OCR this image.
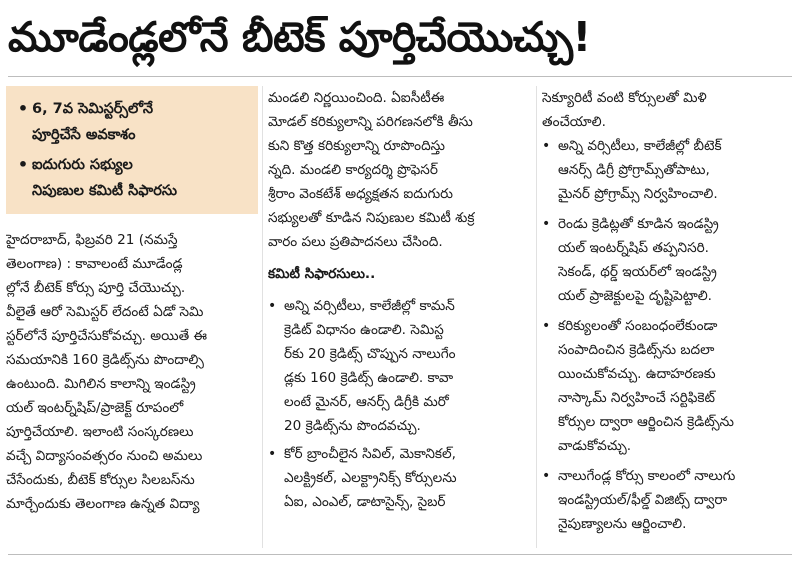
మూడేండ్లలోనే బీటెక్ పూర్తిచేయొచ్చు!
• 6, 7వ సెమిస్టర్స్‌లోనే
పూర్తిచేసే అవకాశం
• ఐదుగురు సభ్యుల
నిపుణుల కమిటీ సిఫారసు
హైదరాబాద్, ఫిబ్రవరి 21 (నమస్తే
తెలంగాణ) : కావాలంటే మూడేండ్ల
ల్లోనే బీటెక్ కోర్సు పూర్తి చేయొచ్చు.
వీలైతే ఆరో సెమిస్టర్ లేదంటే ఏడో సెమి
స్టర్‌లోనే పూర్తిచేసుకోవచ్చు. అయితే ఈ
సమయానికి 160 క్రెడిట్స్‌ను పొందాల్సి
ఉంటుంది. మిగిలిన కాలాన్ని ఇండస్ట్రి
యల్ ఇంటర్న్‌షిప్/ప్రాజెక్ట్ రూపంలో
పూర్తిచేయాలి. ఇలాంటి సంస్కరణలు
వచ్చే విద్యాసంవత్సరం నుంచి అమలు
చేసేందుకు, బీటెక్ కోర్సుల సిలబస్‌ను
మార్చేందుకు తెలంగాణ ఉన్నత విద్యా
మండలి నిర్ణయించింది. ఏఐసీటీఈ
మోడల్ కరిక్యులాన్ని పరిగణనలోకి తీసు
కుని కొత్త కరిక్యులాన్ని రూపొందిస్తు
న్నది. మండలి కార్యదర్శి ప్రొఫెసర్
శ్రీరాం వెంకటేశ్ అధ్యక్షతన ఐదుగురు
సభ్యులతో కూడిన నిపుణుల కమిటీ శుక్ర
వారం పలు ప్రతిపాదనలు చేసింది.
కమిటీ సిఫారసులు..
• అన్ని వర్సిటీలు, కాలేజీల్లో కామన్
క్రెడిట్ విధానం ఉండాలి. సెమిస్ట
ర్‌కు 20 క్రెడిట్స్ చొప్పున నాలుగేం
డ్లకు 160 క్రెడిట్స్ ఉండాలి. కావా
లంటే మైనర్, ఆనర్స్ డిగ్రీకి మరో
20 క్రెడిట్స్‌ను పొందవచ్చు.
• కోర్ బ్రాంచీలైన సివిల్, మెకానికల్,
ఎలక్ట్రికల్, ఎలక్ట్రానిక్స్ కోర్సులను
ఏఐ, ఎంఎల్, డాటాసైన్స్, సైబర్
సెక్యూరిటీ వంటి కోర్సులతో మిళి
తంచేయాలి.
• అన్ని వర్సిటీలు, కాలేజీల్లో బీటెక్
ఆనర్స్ డిగ్రీ ప్రోగ్రామ్స్‌తోపాటు,
మైనర్ ప్రోగ్రామ్స్ నిర్వహించాలి.
• రెండు క్రెడిట్లతో కూడిన ఇండస్ట్రి
యల్ ఇంటర్న్‌షిప్ తప్పనిసరి.
సెకండ్, థర్డ్ ఇయర్‌లో ఇండస్ట్రి
యల్ ప్రాజెక్టులపై దృష్టిపెట్టాలి.
• కరిక్యులంతో సంబంధంలేకుండా
సంపాదించిన క్రెడిట్స్‌ను బదలా
యించుకోవచ్చు. ఉదాహరణకు
నాస్కామ్ నిర్వహించే సర్టిఫికెట్
కోర్సుల ద్వారా ఆర్జించిన క్రెడిట్స్‌ను
వాడుకోవచ్చు.
• నాలుగేండ్ల కోర్సు కాలంలో నాలుగు
ఇండస్ట్రియల్/ఫీల్డ్ విజిట్స్ ద్వారా
నైపుణ్యాలను ఆర్జించాలి.
